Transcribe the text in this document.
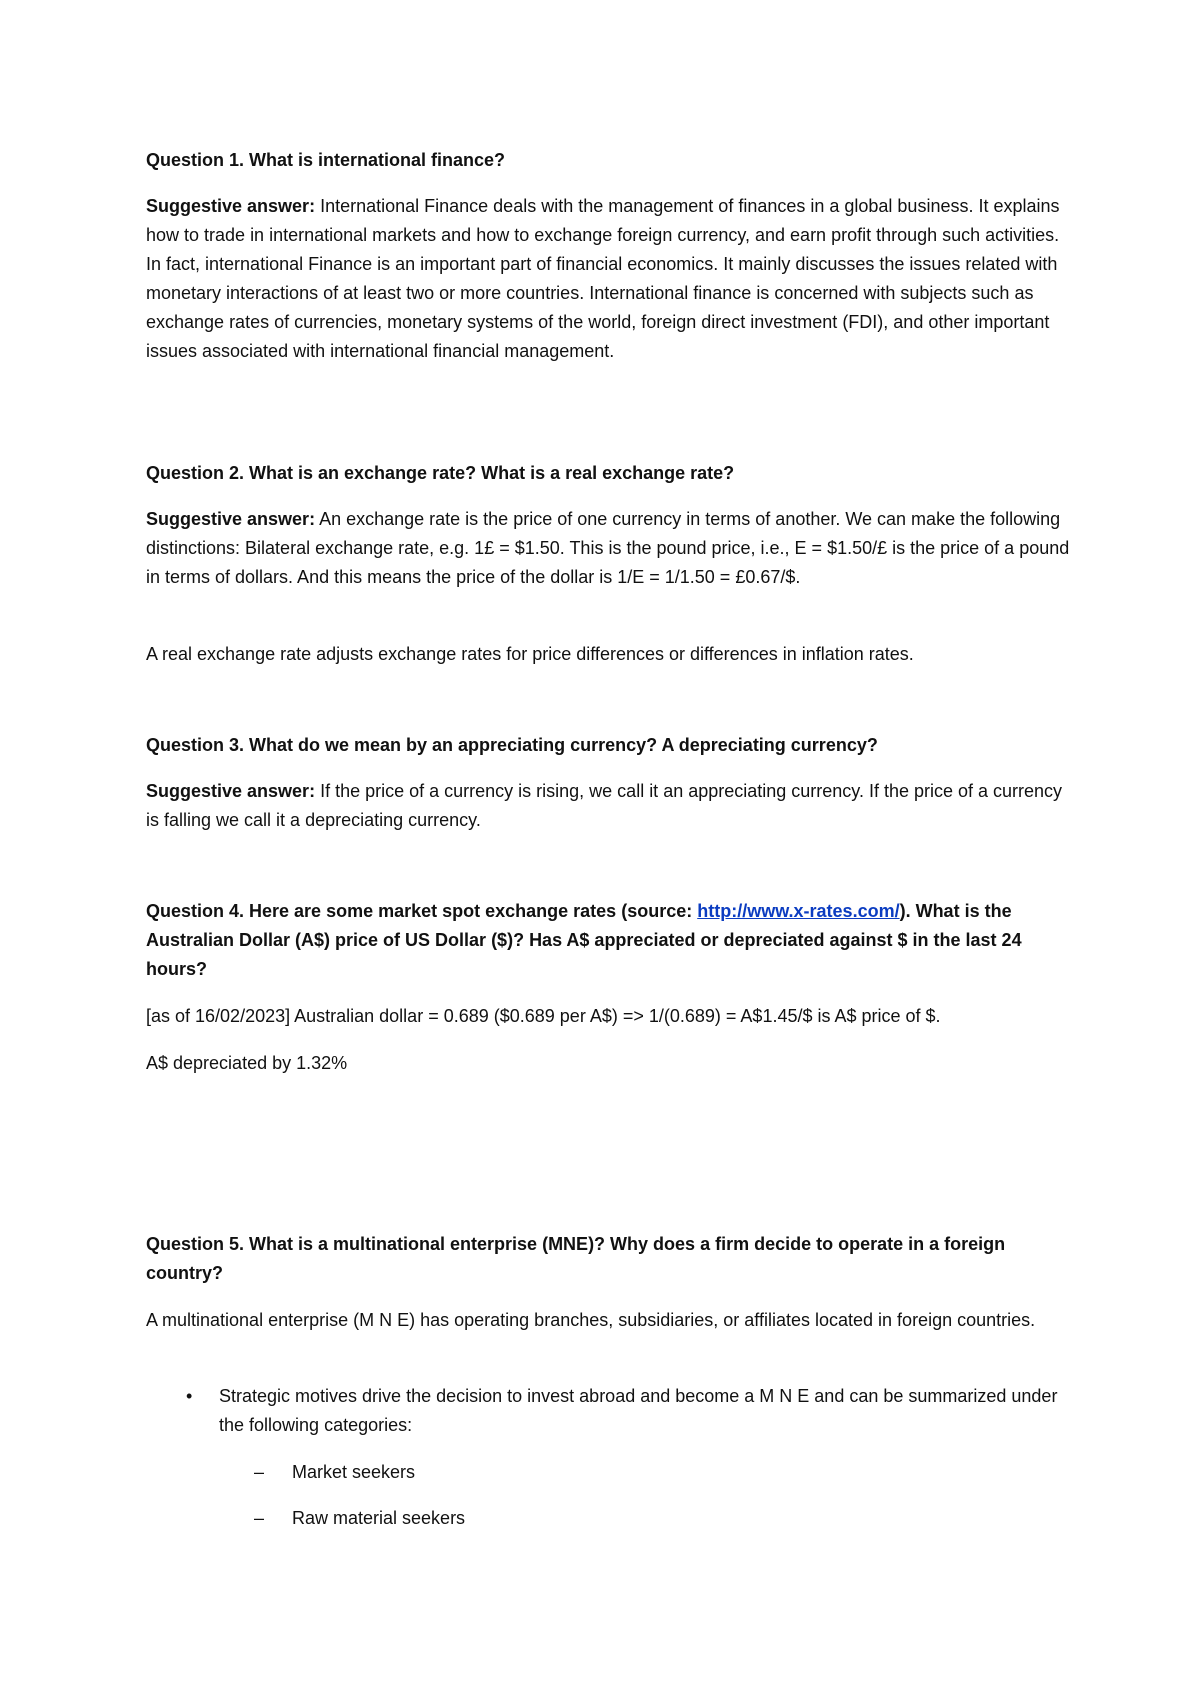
Question 1. What is international finance?

Suggestive answer: International Finance deals with the management of finances in a global business. It explains how to trade in international markets and how to exchange foreign currency, and earn profit through such activities. In fact, international Finance is an important part of financial economics. It mainly discusses the issues related with monetary interactions of at least two or more countries. International finance is concerned with subjects such as exchange rates of currencies, monetary systems of the world, foreign direct investment (FDI), and other important issues associated with international financial management.

Question 2. What is an exchange rate? What is a real exchange rate?

Suggestive answer: An exchange rate is the price of one currency in terms of another. We can make the following distinctions: Bilateral exchange rate, e.g. 1£ = $1.50. This is the pound price, i.e., E = $1.50/£ is the price of a pound in terms of dollars. And this means the price of the dollar is 1/E = 1/1.50 = £0.67/$.

A real exchange rate adjusts exchange rates for price differences or differences in inflation rates.

Question 3. What do we mean by an appreciating currency? A depreciating currency?

Suggestive answer: If the price of a currency is rising, we call it an appreciating currency. If the price of a currency is falling we call it a depreciating currency.

Question 4. Here are some market spot exchange rates (source: http://www.x-rates.com/). What is the Australian Dollar (A$) price of US Dollar ($)? Has A$ appreciated or depreciated against $ in the last 24 hours?

[as of 16/02/2023] Australian dollar = 0.689 ($0.689 per A$) => 1/(0.689) = A$1.45/$ is A$ price of $.

A$ depreciated by 1.32%

Question 5. What is a multinational enterprise (MNE)? Why does a firm decide to operate in a foreign country?

A multinational enterprise (M N E) has operating branches, subsidiaries, or affiliates located in foreign countries.

• Strategic motives drive the decision to invest abroad and become a M N E and can be summarized under the following categories:
– Market seekers
– Raw material seekers
